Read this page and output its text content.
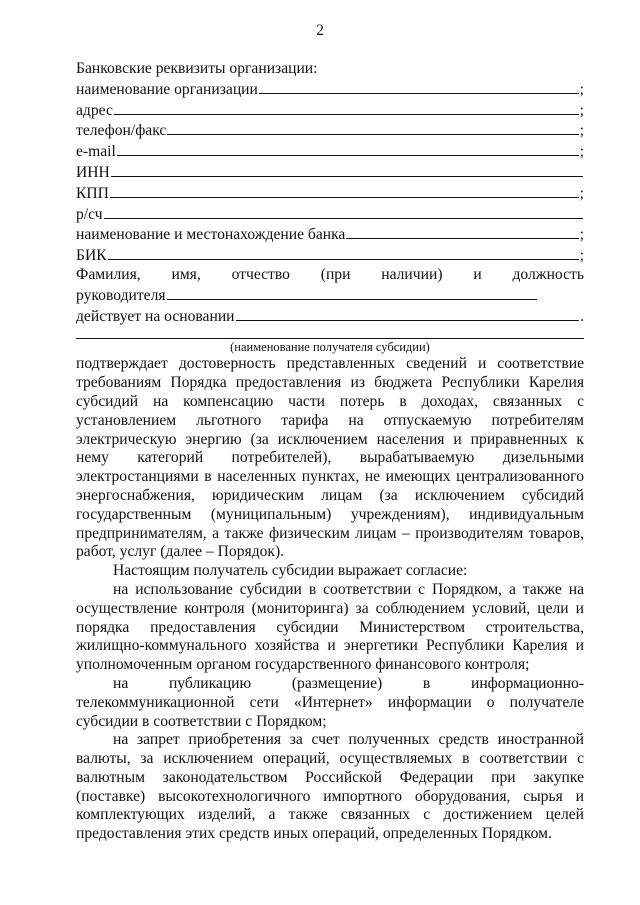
2
Банковские реквизиты организации:
наименование организации	;
адрес	;
телефон/факс	;
e-mail	;
ИНН
КПП	;
р/сч
наименование и местонахождение банка	;
БИК	;
Фамилия, имя, отчество (при наличии) и должность
руководителя
действует на основании	.
(наименование получателя субсидии)

подтверждает достоверность представленных сведений и соответствие требованиям Порядка предоставления из бюджета Республики Карелия субсидий на компенсацию части потерь в доходах, связанных с установлением льготного тарифа на отпускаемую потребителям электрическую энергию (за исключением населения и приравненных к нему категорий потребителей), вырабатываемую дизельными электростанциями в населенных пунктах, не имеющих централизованного энергоснабжения, юридическим лицам (за исключением субсидий государственным (муниципальным) учреждениям), индивидуальным предпринимателям, а также физическим лицам – производителям товаров, работ, услуг (далее – Порядок).

Настоящим получатель субсидии выражает согласие:

на использование субсидии в соответствии с Порядком, а также на осуществление контроля (мониторинга) за соблюдением условий, цели и порядка предоставления субсидии Министерством строительства, жилищно-коммунального хозяйства и энергетики Республики Карелия и уполномоченным органом государственного финансового контроля;

на публикацию (размещение) в информационно-телекоммуникационной сети «Интернет» информации о получателе субсидии в соответствии с Порядком;

на запрет приобретения за счет полученных средств иностранной валюты, за исключением операций, осуществляемых в соответствии с валютным законодательством Российской Федерации при закупке (поставке) высокотехнологичного импортного оборудования, сырья и комплектующих изделий, а также связанных с достижением целей предоставления этих средств иных операций, определенных Порядком.
